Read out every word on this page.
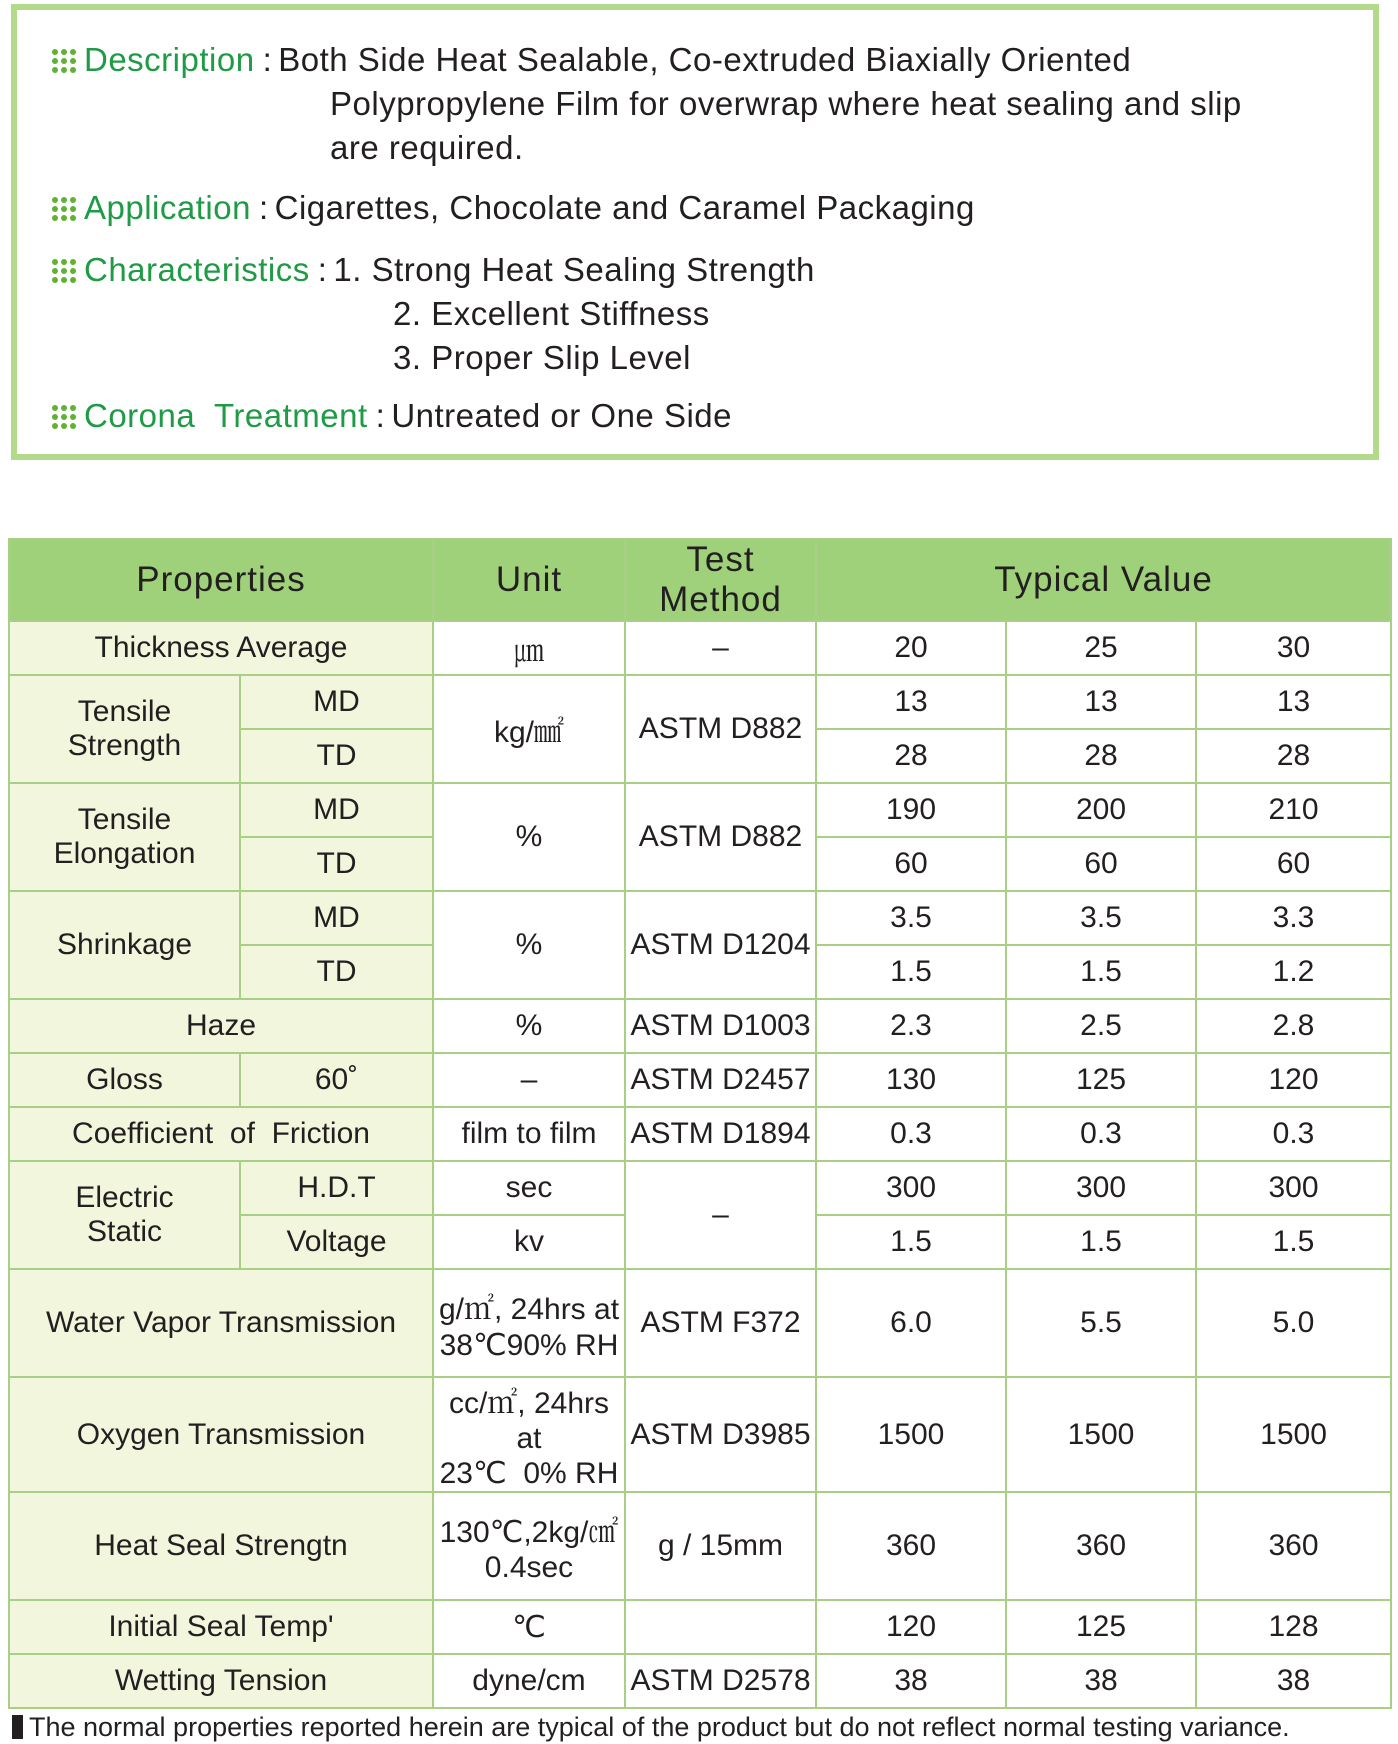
Description : Both Side Heat Sealable, Co-extruded Biaxially Oriented
Polypropylene Film for overwrap where heat sealing and slip
are required.
Application : Cigarettes, Chocolate and Caramel Packaging
Characteristics : 1. Strong Heat Sealing Strength
2. Excellent Stiffness
3. Proper Slip Level
Corona  Treatment : Untreated or One Side
Properties		Unit	Test Method	Typical Value		
Thickness Average		㎛	–	20	25	30
Tensile
Strength	MD	kg/㎟	ASTM D882	13	13	13
	TD			28	28	28
Tensile
Elongation	MD	%	ASTM D882	190	200	210
	TD			60	60	60
Shrinkage	MD	%	ASTM D1204	3.5	3.5	3.3
	TD			1.5	1.5	1.2
Haze		%	ASTM D1003	2.3	2.5	2.8
Gloss	60˚	–	ASTM D2457	130	125	120
Coefficient  of  Friction		film to film	ASTM D1894	0.3	0.3	0.3
Electric
Static	H.D.T	sec	–	300	300	300
	Voltage	kv		1.5	1.5	1.5
Water Vapor Transmission		g/㎡, 24hrs at
38℃90% RH	ASTM F372	6.0	5.5	5.0
Oxygen Transmission		cc/㎡, 24hrs at
23℃  0% RH	ASTM D3985	1500	1500	1500
Heat Seal Strengtn		130℃,2kg/㎠
0.4sec	g / 15mm	360	360	360
Initial Seal Temp'		℃		120	125	128
Wetting Tension		dyne/cm	ASTM D2578	38	38	38
The normal properties reported herein are typical of the product but do not reflect normal testing variance.
